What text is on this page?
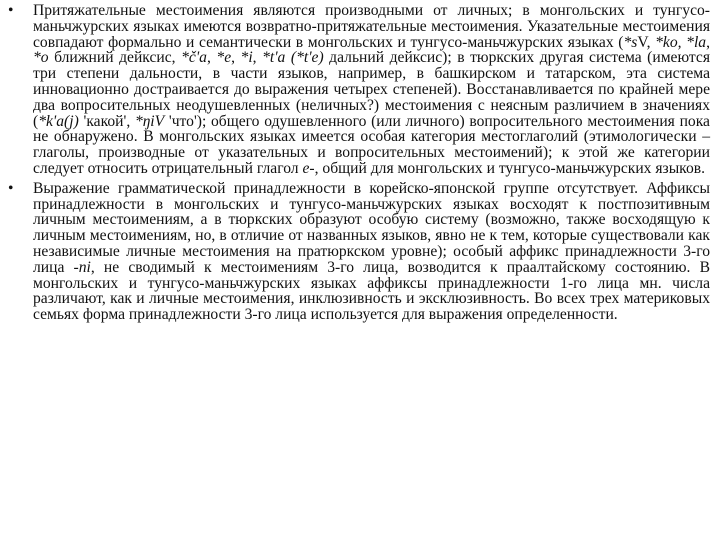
• Притяжательные местоимения являются производными от личных; в монгольских и тунгусо-маньчжурских языках имеются возвратно-притяжательные местоимения. Указательные местоимения совпадают формально и семантически в монгольских и тунгусо-маньчжурских языках (*sV, *ko, *la, *o ближний дейксис, *č'a, *e, *i, *t'a (*t'e) дальний дейксис); в тюркских другая система (имеются три степени дальности, в части языков, например, в башкирском и татарском, эта система инновационно достраивается до выражения четырех степеней). Восстанавливается по крайней мере два вопросительных неодушевленных (неличных?) местоимения с неясным различием в значениях (*k'a(j) 'какой', *ŋiV 'что'); общего одушевленного (или личного) вопросительного местоимения пока не обнаружено. В монгольских языках имеется особая категория местоглаголий (этимологически – глаголы, производные от указательных и вопросительных местоимений); к этой же категории следует относить отрицательный глагол e-, общий для монгольских и тунгусо-маньчжурских языков.
• Выражение грамматической принадлежности в корейско-японской группе отсутствует. Аффиксы принадлежности в монгольских и тунгусо-маньчжурских языках восходят к постпозитивным личным местоимениям, а в тюркских образуют особую систему (возможно, также восходящую к личным местоимениям, но, в отличие от названных языков, явно не к тем, которые существовали как независимые личные местоимения на пратюркском уровне); особый аффикс принадлежности 3-го лица -ni, не сводимый к местоимениям 3-го лица, возводится к праалтайскому состоянию. В монгольских и тунгусо-маньчжурских языках аффиксы принадлежности 1-го лица мн. числа различают, как и личные местоимения, инклюзивность и эксклюзивность. Во всех трех материковых семьях форма принадлежности 3-го лица используется для выражения определенности.
